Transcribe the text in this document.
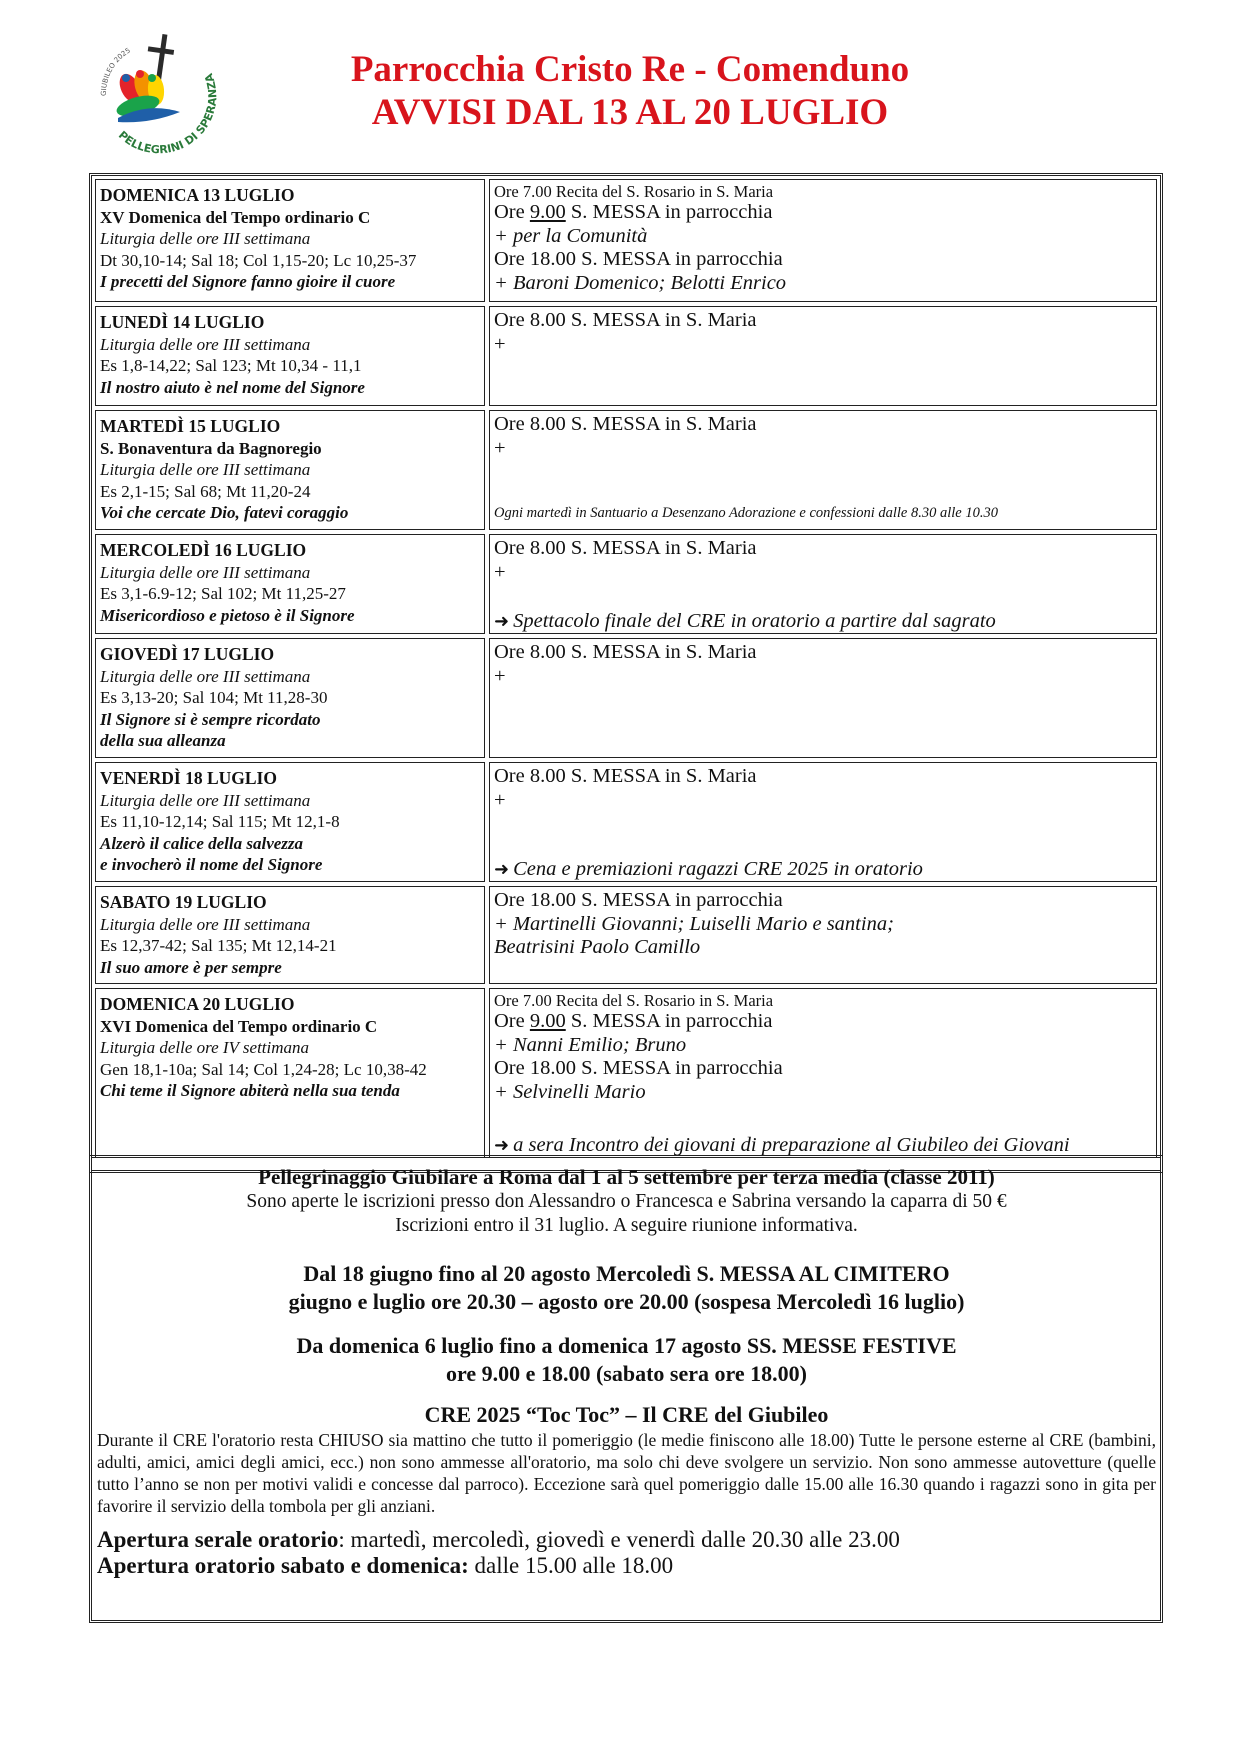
GIUBILEO 2025
PELLEGRINI DI SPERANZA	Parrocchia Cristo Re - Comenduno
AVVISI DAL 13 AL 20 LUGLIO
DOMENICA 13 LUGLIO
XV Domenica del Tempo ordinario C
Liturgia delle ore III settimana
Dt 30,10-14; Sal 18; Col 1,15-20; Lc 10,25-37
I precetti del Signore fanno gioire il cuore
Ore 7.00 Recita del S. Rosario in S. Maria
Ore 9.00 S. MESSA in parrocchia
+ per la Comunità
Ore 18.00 S. MESSA in parrocchia
+ Baroni Domenico; Belotti Enrico
LUNEDÌ 14 LUGLIO
Liturgia delle ore III settimana
Es 1,8-14,22; Sal 123; Mt 10,34 - 11,1
Il nostro aiuto è nel nome del Signore
Ore 8.00 S. MESSA in S. Maria
+
MARTEDÌ 15 LUGLIO
S. Bonaventura da Bagnoregio
Liturgia delle ore III settimana
Es 2,1-15; Sal 68; Mt 11,20-24
Voi che cercate Dio, fatevi coraggio
Ore 8.00 S. MESSA in S. Maria
+
Ogni martedì in Santuario a Desenzano Adorazione e confessioni dalle 8.30 alle 10.30
MERCOLEDÌ 16 LUGLIO
Liturgia delle ore III settimana
Es 3,1-6.9-12; Sal 102; Mt 11,25-27
Misericordioso e pietoso è il Signore
Ore 8.00 S. MESSA in S. Maria
+
➜ Spettacolo finale del CRE in oratorio a partire dal sagrato
GIOVEDÌ 17 LUGLIO
Liturgia delle ore III settimana
Es 3,13-20; Sal 104; Mt 11,28-30
Il Signore si è sempre ricordato
della sua alleanza
Ore 8.00 S. MESSA in S. Maria
+
VENERDÌ 18 LUGLIO
Liturgia delle ore III settimana
Es 11,10-12,14; Sal 115; Mt 12,1-8
Alzerò il calice della salvezza
e invocherò il nome del Signore
Ore 8.00 S. MESSA in S. Maria
+
➜ Cena e premiazioni ragazzi CRE 2025 in oratorio
SABATO 19 LUGLIO
Liturgia delle ore III settimana
Es 12,37-42; Sal 135; Mt 12,14-21
Il suo amore è per sempre
Ore 18.00 S. MESSA in parrocchia
+ Martinelli Giovanni; Luiselli Mario e santina;
Beatrisini Paolo Camillo
DOMENICA 20 LUGLIO
XVI Domenica del Tempo ordinario C
Liturgia delle ore IV settimana
Gen 18,1-10a; Sal 14; Col 1,24-28; Lc 10,38-42
Chi teme il Signore abiterà nella sua tenda
Ore 7.00 Recita del S. Rosario in S. Maria
Ore 9.00 S. MESSA in parrocchia
+ Nanni Emilio; Bruno
Ore 18.00 S. MESSA in parrocchia
+ Selvinelli Mario
➜ a sera Incontro dei giovani di preparazione al Giubileo dei Giovani
Pellegrinaggio Giubilare a Roma dal 1 al 5 settembre per terza media (classe 2011)
Sono aperte le iscrizioni presso don Alessandro o Francesca e Sabrina versando la caparra di 50 €
Iscrizioni entro il 31 luglio. A seguire riunione informativa.
Dal 18 giugno fino al 20 agosto Mercoledì S. MESSA AL CIMITERO
giugno e luglio ore 20.30 – agosto ore 20.00 (sospesa Mercoledì 16 luglio)
Da domenica 6 luglio fino a domenica 17 agosto SS. MESSE FESTIVE
ore 9.00 e 18.00 (sabato sera ore 18.00)
CRE 2025 “Toc Toc” – Il CRE del Giubileo
Durante il CRE l'oratorio resta CHIUSO sia mattino che tutto il pomeriggio (le medie finiscono alle 18.00) Tutte le persone esterne al CRE (bambini, adulti, amici, amici degli amici, ecc.) non sono ammesse all'oratorio, ma solo chi deve svolgere un servizio. Non sono ammesse autovetture (quelle tutto l’anno se non per motivi validi e concesse dal parroco). Eccezione sarà quel pomeriggio dalle 15.00 alle 16.30 quando i ragazzi sono in gita per favorire il servizio della tombola per gli anziani.
Apertura serale oratorio: martedì, mercoledì, giovedì e venerdì dalle 20.30 alle 23.00
Apertura oratorio sabato e domenica: dalle 15.00 alle 18.00
